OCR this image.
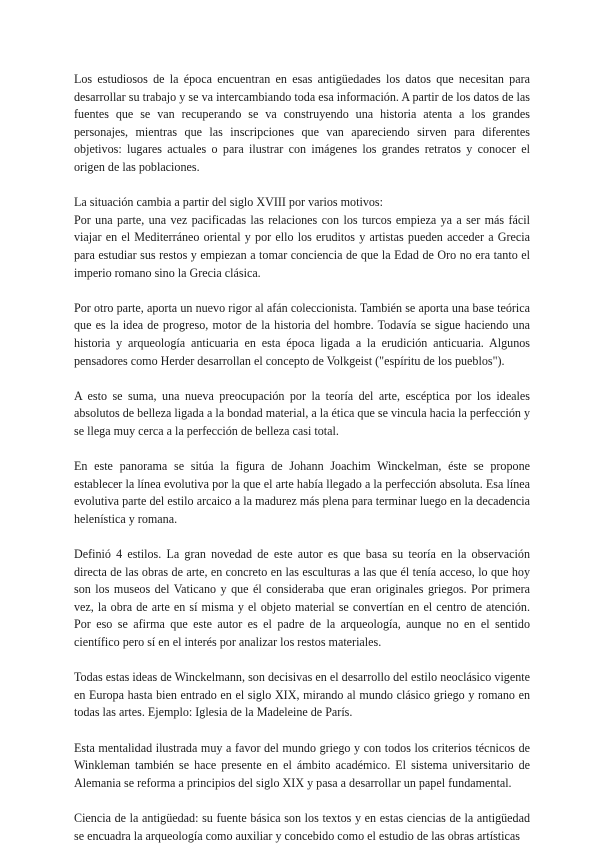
Los estudiosos de la época encuentran en esas antigüedades los datos que necesitan para desarrollar su trabajo y se va intercambiando toda esa información. A partir de los datos de las fuentes que se van recuperando se va construyendo una historia atenta a los grandes personajes, mientras que las inscripciones que van apareciendo sirven para diferentes objetivos: lugares actuales o para ilustrar con imágenes los grandes retratos y conocer el origen de las poblaciones.

La situación cambia a partir del siglo XVIII por varios motivos:

Por una parte, una vez pacificadas las relaciones con los turcos empieza ya a ser más fácil viajar en el Mediterráneo oriental y por ello los eruditos y artistas pueden acceder a Grecia para estudiar sus restos y empiezan a tomar conciencia de que la Edad de Oro no era tanto el imperio romano sino la Grecia clásica.

Por otro parte, aporta un nuevo rigor al afán coleccionista. También se aporta una base teórica que es la idea de progreso, motor de la historia del hombre. Todavía se sigue haciendo una historia y arqueología anticuaria en esta época ligada a la erudición anticuaria. Algunos pensadores como Herder desarrollan el concepto de Volkgeist ("espíritu de los pueblos").

A esto se suma, una nueva preocupación por la teoría del arte, escéptica por los ideales absolutos de belleza ligada a la bondad material, a la ética que se vincula hacia la perfección y se llega muy cerca a la perfección de belleza casi total.

En este panorama se sitúa la figura de Johann Joachim Winckelman, éste se propone establecer la línea evolutiva por la que el arte había llegado a la perfección absoluta. Esa línea evolutiva parte del estilo arcaico a la madurez más plena para terminar luego en la decadencia helenística y romana.

Definió 4 estilos. La gran novedad de este autor es que basa su teoría en la observación directa de las obras de arte, en concreto en las esculturas a las que él tenía acceso, lo que hoy son los museos del Vaticano y que él consideraba que eran originales griegos. Por primera vez, la obra de arte en sí misma y el objeto material se convertían en el centro de atención. Por eso se afirma que este autor es el padre de la arqueología, aunque no en el sentido científico pero sí en el interés por analizar los restos materiales.

Todas estas ideas de Winckelmann, son decisivas en el desarrollo del estilo neoclásico vigente en Europa hasta bien entrado en el siglo XIX, mirando al mundo clásico griego y romano en todas las artes. Ejemplo: Iglesia de la Madeleine de París.

Esta mentalidad ilustrada muy a favor del mundo griego y con todos los criterios técnicos de Winkleman también se hace presente en el ámbito académico. El sistema universitario de Alemania se reforma a principios del siglo XIX y pasa a desarrollar un papel fundamental.

Ciencia de la antigüedad: su fuente básica son los textos y en estas ciencias de la antigüedad se encuadra la arqueología como auxiliar y concebido como el estudio de las obras artísticas
